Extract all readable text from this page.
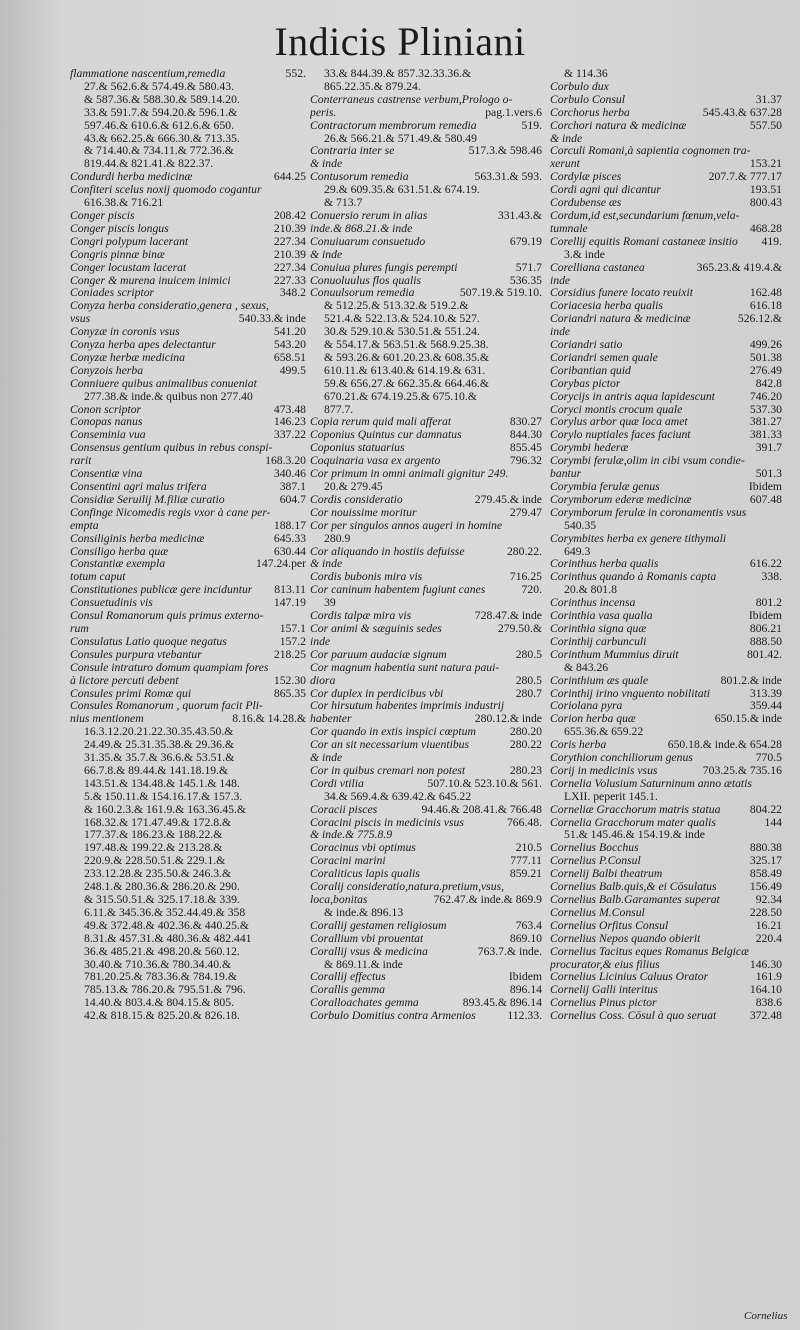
Indicis Pliniani
flammatione nascentium,remedia	552.
27.& 562.6.& 574.49.& 580.43.
& 587.36.& 588.30.& 589.14.20.
33.& 591.7.& 594.20.& 596.1.&
597.46.& 610.6.& 612.6.& 650.
43.& 662.25.& 666.30.& 713.35.
& 714.40.& 734.11.& 772.36.&
819.44.& 821.41.& 822.37.
Condurdi herba medicinæ	644.25
Confiteri scelus noxij quomodo cogantur
616.38.& 716.21
Conger piscis	208.42
Conger piscis longus	210.39
Congri polypum lacerant	227.34
Congris pinnæ binæ	210.39
Conger locustam lacerat	227.34
Conger & murena inuicem inimici	227.33
Coniades scriptor	348.2
Conyza herba consideratio,genera , sexus,
vsus	540.33.& inde
Conyzæ in coronis vsus	541.20
Conyza herba apes delectantur	543.20
Conyzæ herbæ medicina	658.51
Conyzois herba	499.5
Conniuere quibus animalibus conueniat
277.38.& inde.& quibus non 277.40
Conon scriptor	473.48
Conopas nanus	146.23
Conseminia vua	337.22
Consensus gentium quibus in rebus conspi-
rarit	168.3.20
Consentiæ vina	340.46
Consentini agri malus trifera	387.1
Considiæ Seruilij M.filiæ curatio	604.7
Confinge Nicomedis regis vxor à cane per-
empta	188.17
Consiliginis herba medicinæ	645.33
Consiligo herba quæ	630.44
Constantiæ exempla	147.24.per
totum caput
Constitutiones publicæ gere inciduntur	813.11
Consuetudinis vis	147.19
Consul Romanorum quis primus externo-
rum	157.1
Consulatus Latio quoque negatus	157.2
Consules purpura vtebantur	218.25
Consule intraturo domum quampiam fores
à lictore percuti debent	152.30
Consules primi Romæ qui	865.35
Consules Romanorum , quorum facit Pli-
nius mentionem	8.16.& 14.28.&
16.3.12.20.21.22.30.35.43.50.&
24.49.& 25.31.35.38.& 29.36.&
31.35.& 35.7.& 36.6.& 53.51.&
66.7.8.& 89.44.& 141.18.19.&
143.51.& 134.48.& 145.1.& 148.
5.& 150.11.& 154.16.17.& 157.3.
& 160.2.3.& 161.9.& 163.36.45.&
168.32.& 171.47.49.& 172.8.&
177.37.& 186.23.& 188.22.&
197.48.& 199.22.& 213.28.&
220.9.& 228.50.51.& 229.1.&
233.12.28.& 235.50.& 246.3.&
248.1.& 280.36.& 286.20.& 290.
& 315.50.51.& 325.17.18.& 339.
6.11.& 345.36.& 352.44.49.& 358
49.& 372.48.& 402.36.& 440.25.&
8.31.& 457.31.& 480.36.& 482.441
36.& 485.21.& 498.20.& 560.12.
30.40.& 710.36.& 780.34.40.&
781.20.25.& 783.36.& 784.19.&
785.13.& 786.20.& 795.51.& 796.
14.40.& 803.4.& 804.15.& 805.
42.& 818.15.& 825.20.& 826.18.
33.& 844.39.& 857.32.33.36.&
865.22.35.& 879.24.
Conterraneus castrense verbum,Prologo o-
peris.	pag.1.vers.6
Contractorum membrorum remedia	519.
26.& 566.21.& 571.49.& 580.49
Contraria inter se	517.3.& 598.46
& inde
Contusorum remedia	563.31.& 593.
29.& 609.35.& 631.51.& 674.19.
& 713.7
Conuersio rerum in alias	331.43.&
inde.& 868.21.& inde
Conuiuarum consuetudo	679.19
& inde
Conuiua plures fungis perempti	571.7
Conuoluulus flos qualis	536.35
Conuulsorum remedia	507.19.& 519.10.
& 512.25.& 513.32.& 519.2.&
521.4.& 522.13.& 524.10.& 527.
30.& 529.10.& 530.51.& 551.24.
& 554.17.& 563.51.& 568.9.25.38.
& 593.26.& 601.20.23.& 608.35.&
610.11.& 613.40.& 614.19.& 631.
59.& 656.27.& 662.35.& 664.46.&
670.21.& 674.19.25.& 675.10.&
877.7.
Copia rerum quid mali afferat	830.27
Coponius Quintus cur damnatus	844.30
Coponius statuarius	855.45
Coquinaria vasa ex argento	796.32
Cor primum in omni animali gignitur 249.
20.& 279.45
Cordis consideratio	279.45.& inde
Cor nouissime moritur	279.47
Cor per singulos annos augeri in homine
280.9
Cor aliquando in hostiis defuisse	280.22.
& inde
Cordis bubonis mira vis	716.25
Cor caninum habentem fugiunt canes	720.
39
Cordis talpæ mira vis	728.47.& inde
Cor animi & sæguinis sedes	279.50.&
inde
Cor paruum audaciæ signum	280.5
Cor magnum habentia sunt natura paui-
diora	280.5
Cor duplex in perdicibus vbi	280.7
Cor hirsutum habentes imprimis industrij
habenter	280.12.& inde
Cor quando in extis inspici cœptum	280.20
Cor an sit necessarium viuentibus	280.22
& inde
Cor in quibus cremari non potest	280.23
Cordi vtilia	507.10.& 523.10.& 561.
34.& 569.4.& 639.42.& 645.22
Coracii pisces	94.46.& 208.41.& 766.48
Coracini piscis in medicinis vsus	766.48.
& inde.& 775.8.9
Coracinus vbi optimus	210.5
Coracini marini	777.11
Coraliticus lapis qualis	859.21
Coralij consideratio,natura.pretium,vsus,
loca,bonitas	762.47.& inde.& 869.9
& inde.& 896.13
Corallij gestamen religiosum	763.4
Corallium vbi prouentat	869.10
Corallij vsus & medicina	763.7.& inde.
& 869.11.& inde
Corallij effectus	Ibidem
Corallis gemma	896.14
Coralloachates gemma	893.45.& 896.14
Corbulo Domitius contra Armenios	112.33.
& 114.36
Corbulo dux
Corbulo Consul	31.37
Corchorus herba	545.43.& 637.28
Corchori natura & medicinæ	557.50
& inde
Corculi Romani,à sapientia cognomen tra-
xerunt	153.21
Cordylæ pisces	207.7.& 777.17
Cordi agni qui dicantur	193.51
Cordubense æs	800.43
Cordum,id est,secundarium fœnum,vela-
tumnale	468.28
Corellij equitis Romani castaneæ insitio	419.
3.& inde
Corelliana castanea	365.23.& 419.4.&
inde
Corsidius funere locato reuixit	162.48
Coriacesia herba qualis	616.18
Coriandri natura & medicinæ	526.12.&
inde
Coriandri satio	499.26
Coriandri semen quale	501.38
Coribantian quid	276.49
Corybas pictor	842.8
Corycijs in antris aqua lapidescunt	746.20
Coryci montis crocum quale	537.30
Corylus arbor quæ loca amet	381.27
Corylo nuptiales faces faciunt	381.33
Corymbi hederæ	391.7
Corymbi ferulæ,olim in cibi vsum condie-
bantur	501.3
Corymbia ferulæ genus	Ibidem
Corymborum ederæ medicinæ	607.48
Corymborum ferulæ in coronamentis vsus
540.35
Corymbites herba ex genere tithymali
649.3
Corinthus herba qualis	616.22
Corinthus quando à Romanis capta	338.
20.& 801.8
Corinthus incensa	801.2
Corinthia vasa qualia	Ibidem
Corinthia signa quæ	806.21
Corinthij carbunculi	888.50
Corinthum Mummius diruit	801.42.
& 843.26
Corinthium æs quale	801.2.& inde
Corinthij irino vnguento nobilitati	313.39
Coriolana pyra	359.44
Corion herba quæ	650.15.& inde
655.36.& 659.22
Coris herba	650.18.& inde.& 654.28
Corythion conchiliorum genus	770.5
Corij in medicinis vsus	703.25.& 735.16
Cornelia Volusium Saturninum anno ætatis
LXII. peperit 145.1.
Corneliæ Gracchorum matris statua	804.22
Cornelia Gracchorum mater qualis	144
51.& 145.46.& 154.19.& inde
Cornelius Bocchus	880.38
Cornelius P.Consul	325.17
Cornelij Balbi theatrum	858.49
Cornelius Balb.quis,& ei Cōsulatus	156.49
Cornelius Balb.Garamantes superat	92.34
Cornelius M.Consul	228.50
Cornelius Orfitus Consul	16.21
Cornelius Nepos quando obierit	220.4
Cornelius Tacitus eques Romanus Belgicæ
procurator,& eius filius	146.30
Cornelius Licinius Caluus Orator	161.9
Cornelij Galli interitus	164.10
Cornelius Pinus pictor	838.6
Cornelius Coss. Cōsul à quo seruat	372.48
Cornelius
